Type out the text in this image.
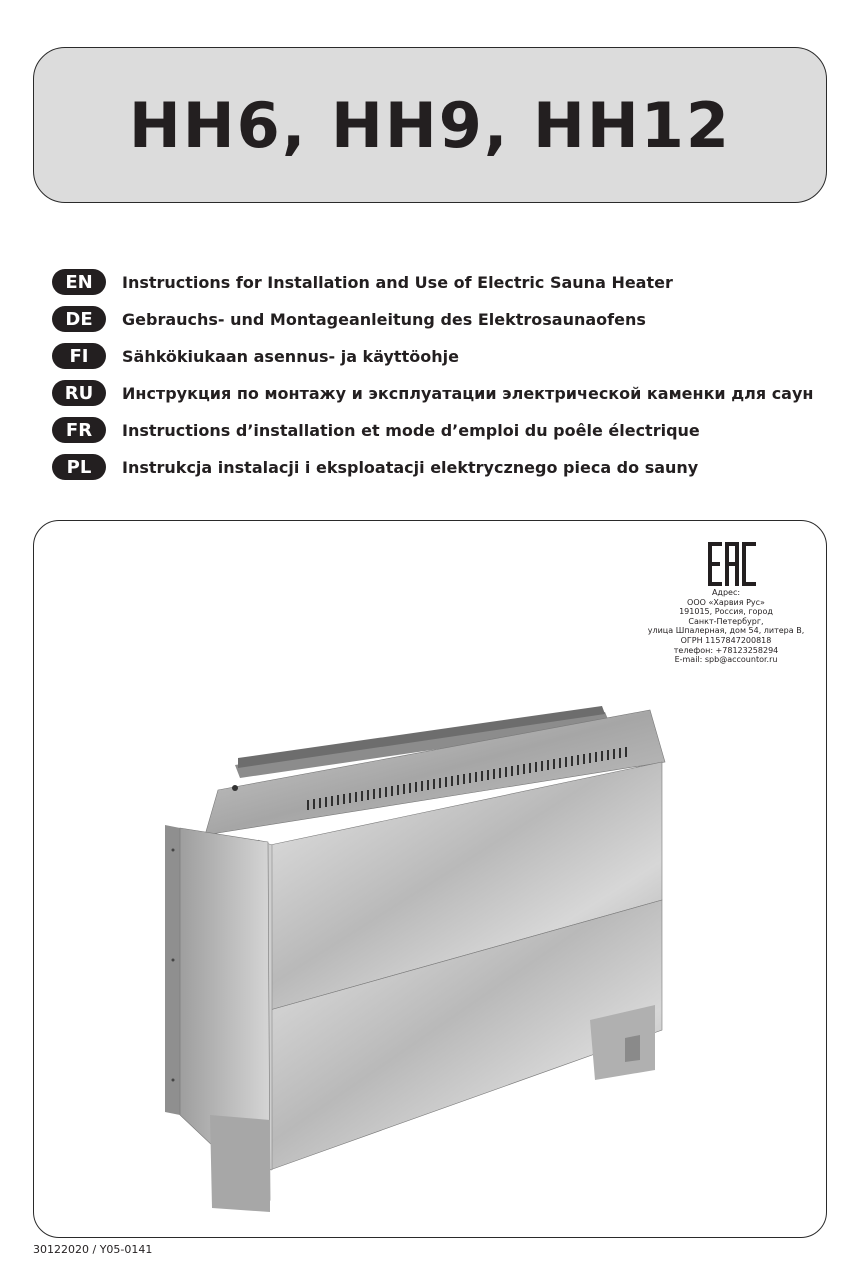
HH6, HH9, HH12
EN	Instructions for Installation and Use of Electric Sauna Heater
DE	Gebrauchs- und Montageanleitung des Elektrosaunaofens
FI	Sähkökiukaan asennus- ja käyttöohje
RU	Инструкция по монтажу и эксплуатации электрической каменки для саун
FR	Instructions d’installation et mode d’emploi du poêle électrique
PL	Instrukcja instalacji i eksploatacji elektrycznego pieca do sauny
Адрес:
ООО «Харвия Рус»
191015, Россия, город
Санкт-Петербург,
улица Шпалерная, дом 54, литера В,
ОГРН 1157847200818
телефон: +78123258294
E-mail: spb@accountor.ru
30122020 / Y05-0141
